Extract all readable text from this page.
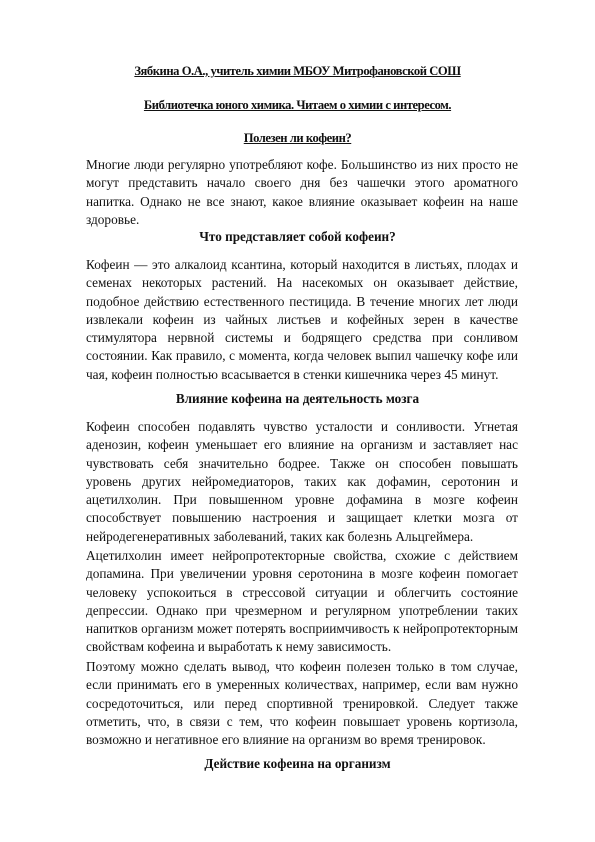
Зябкина О.А., учитель химии МБОУ Митрофановской СОШ
Библиотечка юного химика. Читаем о химии с интересом.
Полезен ли кофеин?

Многие люди регулярно употребляют кофе. Большинство из них просто не могут представить начало своего дня без чашечки этого ароматного напитка. Однако не все знают, какое влияние оказывает кофеин на наше здоровье.

Что представляет собой кофеин?

Кофеин — это алкалоид ксантина, который находится в листьях, плодах и семенах некоторых растений. На насекомых он оказывает действие, подобное действию естественного пестицида. В течение многих лет люди извлекали кофеин из чайных листьев и кофейных зерен в качестве стимулятора нервной системы и бодрящего средства при сонливом состоянии. Как правило, с момента, когда человек выпил чашечку кофе или чая, кофеин полностью всасывается в стенки кишечника через 45 минут.

Влияние кофеина на деятельность мозга

Кофеин способен подавлять чувство усталости и сонливости. Угнетая аденозин, кофеин уменьшает его влияние на организм и заставляет нас чувствовать себя значительно бодрее. Также он способен повышать уровень других нейромедиаторов, таких как дофамин, серотонин и ацетилхолин. При повышенном уровне дофамина в мозге кофеин способствует повышению настроения и защищает клетки мозга от нейродегенеративных заболеваний, таких как болезнь Альцгеймера.

Ацетилхолин имеет нейропротекторные свойства, схожие с действием допамина. При увеличении уровня серотонина в мозге кофеин помогает человеку успокоиться в стрессовой ситуации и облегчить состояние депрессии. Однако при чрезмерном и регулярном употреблении таких напитков организм может потерять восприимчивость к нейропротекторным свойствам кофеина и выработать к нему зависимость.

Поэтому можно сделать вывод, что кофеин полезен только в том случае, если принимать его в умеренных количествах, например, если вам нужно сосредоточиться, или перед спортивной тренировкой. Следует также отметить, что, в связи с тем, что кофеин повышает уровень кортизола, возможно и негативное его влияние на организм во время тренировок.

Действие кофеина на организм
